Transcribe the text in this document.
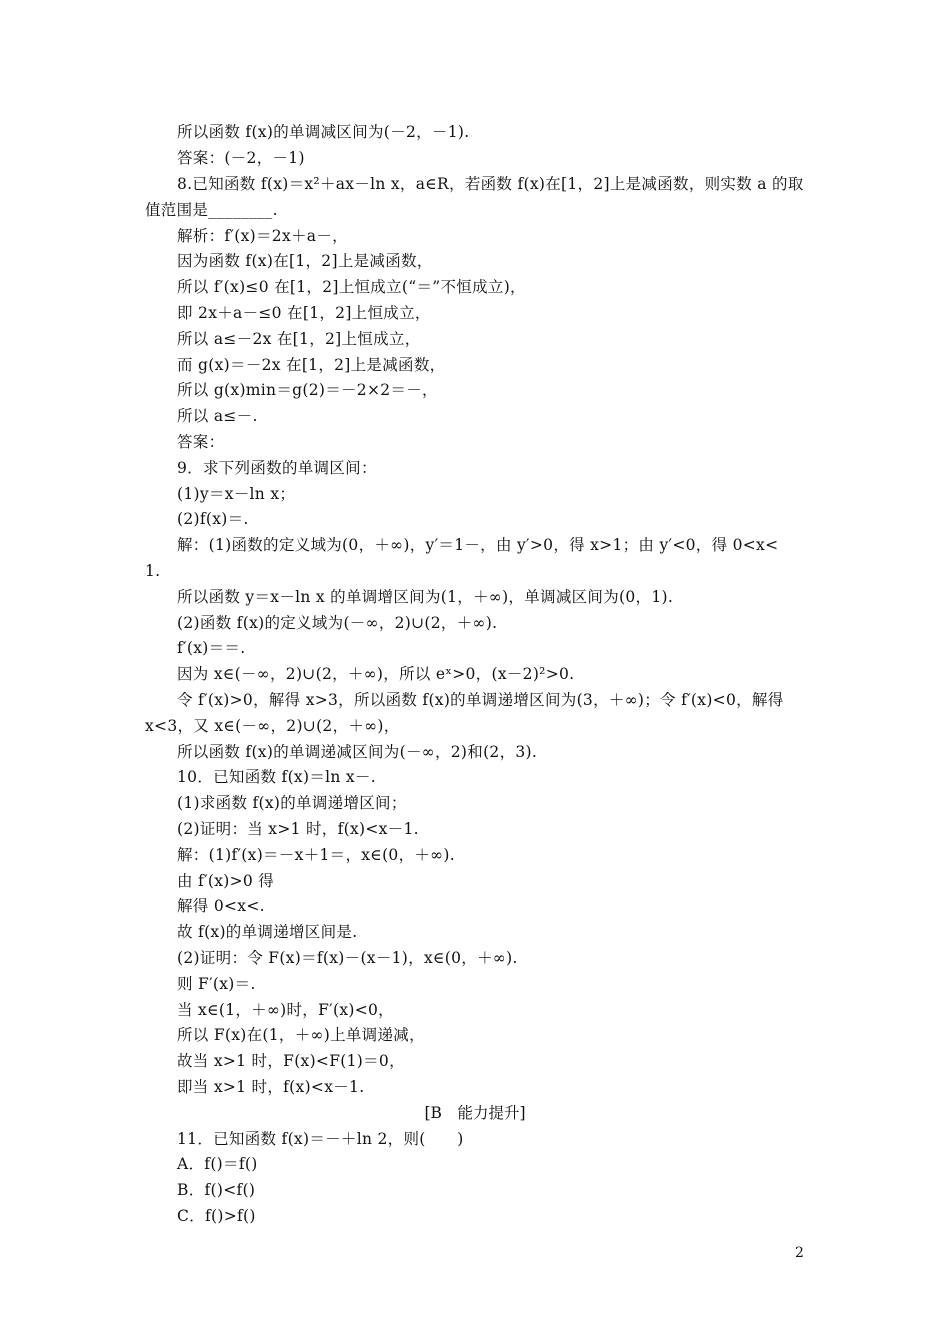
所以函数 f(x)的单调减区间为(－2，－1).
答案：(－2，－1)
8.已知函数 f(x)＝x²＋ax－ln x，a∈R，若函数 f(x)在[1，2]上是减函数，则实数 a 的取
值范围是________.
解析：f′(x)＝2x＋a－，
因为函数 f(x)在[1，2]上是减函数，
所以 f′(x)≤0 在[1，2]上恒成立(“＝”不恒成立)，
即 2x＋a－≤0 在[1，2]上恒成立，
所以 a≤－2x 在[1，2]上恒成立，
而 g(x)＝－2x 在[1，2]上是减函数，
所以 g(x)min＝g(2)＝－2×2＝－，
所以 a≤－.
答案：
9．求下列函数的单调区间：
(1)y＝x－ln x；
(2)f(x)＝.
解：(1)函数的定义域为(0，＋∞)，y′＝1－，由 y′>0，得 x>1；由 y′<0，得 0<x<
1.
所以函数 y＝x－ln x 的单调增区间为(1，＋∞)，单调减区间为(0，1).
(2)函数 f(x)的定义域为(－∞，2)∪(2，＋∞).
f′(x)＝＝.
因为 x∈(－∞，2)∪(2，＋∞)，所以 eˣ>0，(x－2)²>0.
令 f′(x)>0，解得 x>3，所以函数 f(x)的单调递增区间为(3，＋∞)；令 f′(x)<0，解得
x<3，又 x∈(－∞，2)∪(2，＋∞)，
所以函数 f(x)的单调递减区间为(－∞，2)和(2，3).
10．已知函数 f(x)＝ln x－.
(1)求函数 f(x)的单调递增区间；
(2)证明：当 x>1 时，f(x)<x－1.
解：(1)f′(x)＝－x＋1＝，x∈(0，＋∞).
由 f′(x)>0 得
解得 0<x<.
故 f(x)的单调递增区间是.
(2)证明：令 F(x)＝f(x)－(x－1)，x∈(0，＋∞).
则 F′(x)＝.
当 x∈(1，＋∞)时，F′(x)<0，
所以 F(x)在(1，＋∞)上单调递减，
故当 x>1 时，F(x)<F(1)＝0，
即当 x>1 时，f(x)<x－1.
[B　能力提升]
11．已知函数 f(x)＝－＋ln 2，则(　　)
A．f()＝f()
B．f()<f()
C．f()>f()
2
